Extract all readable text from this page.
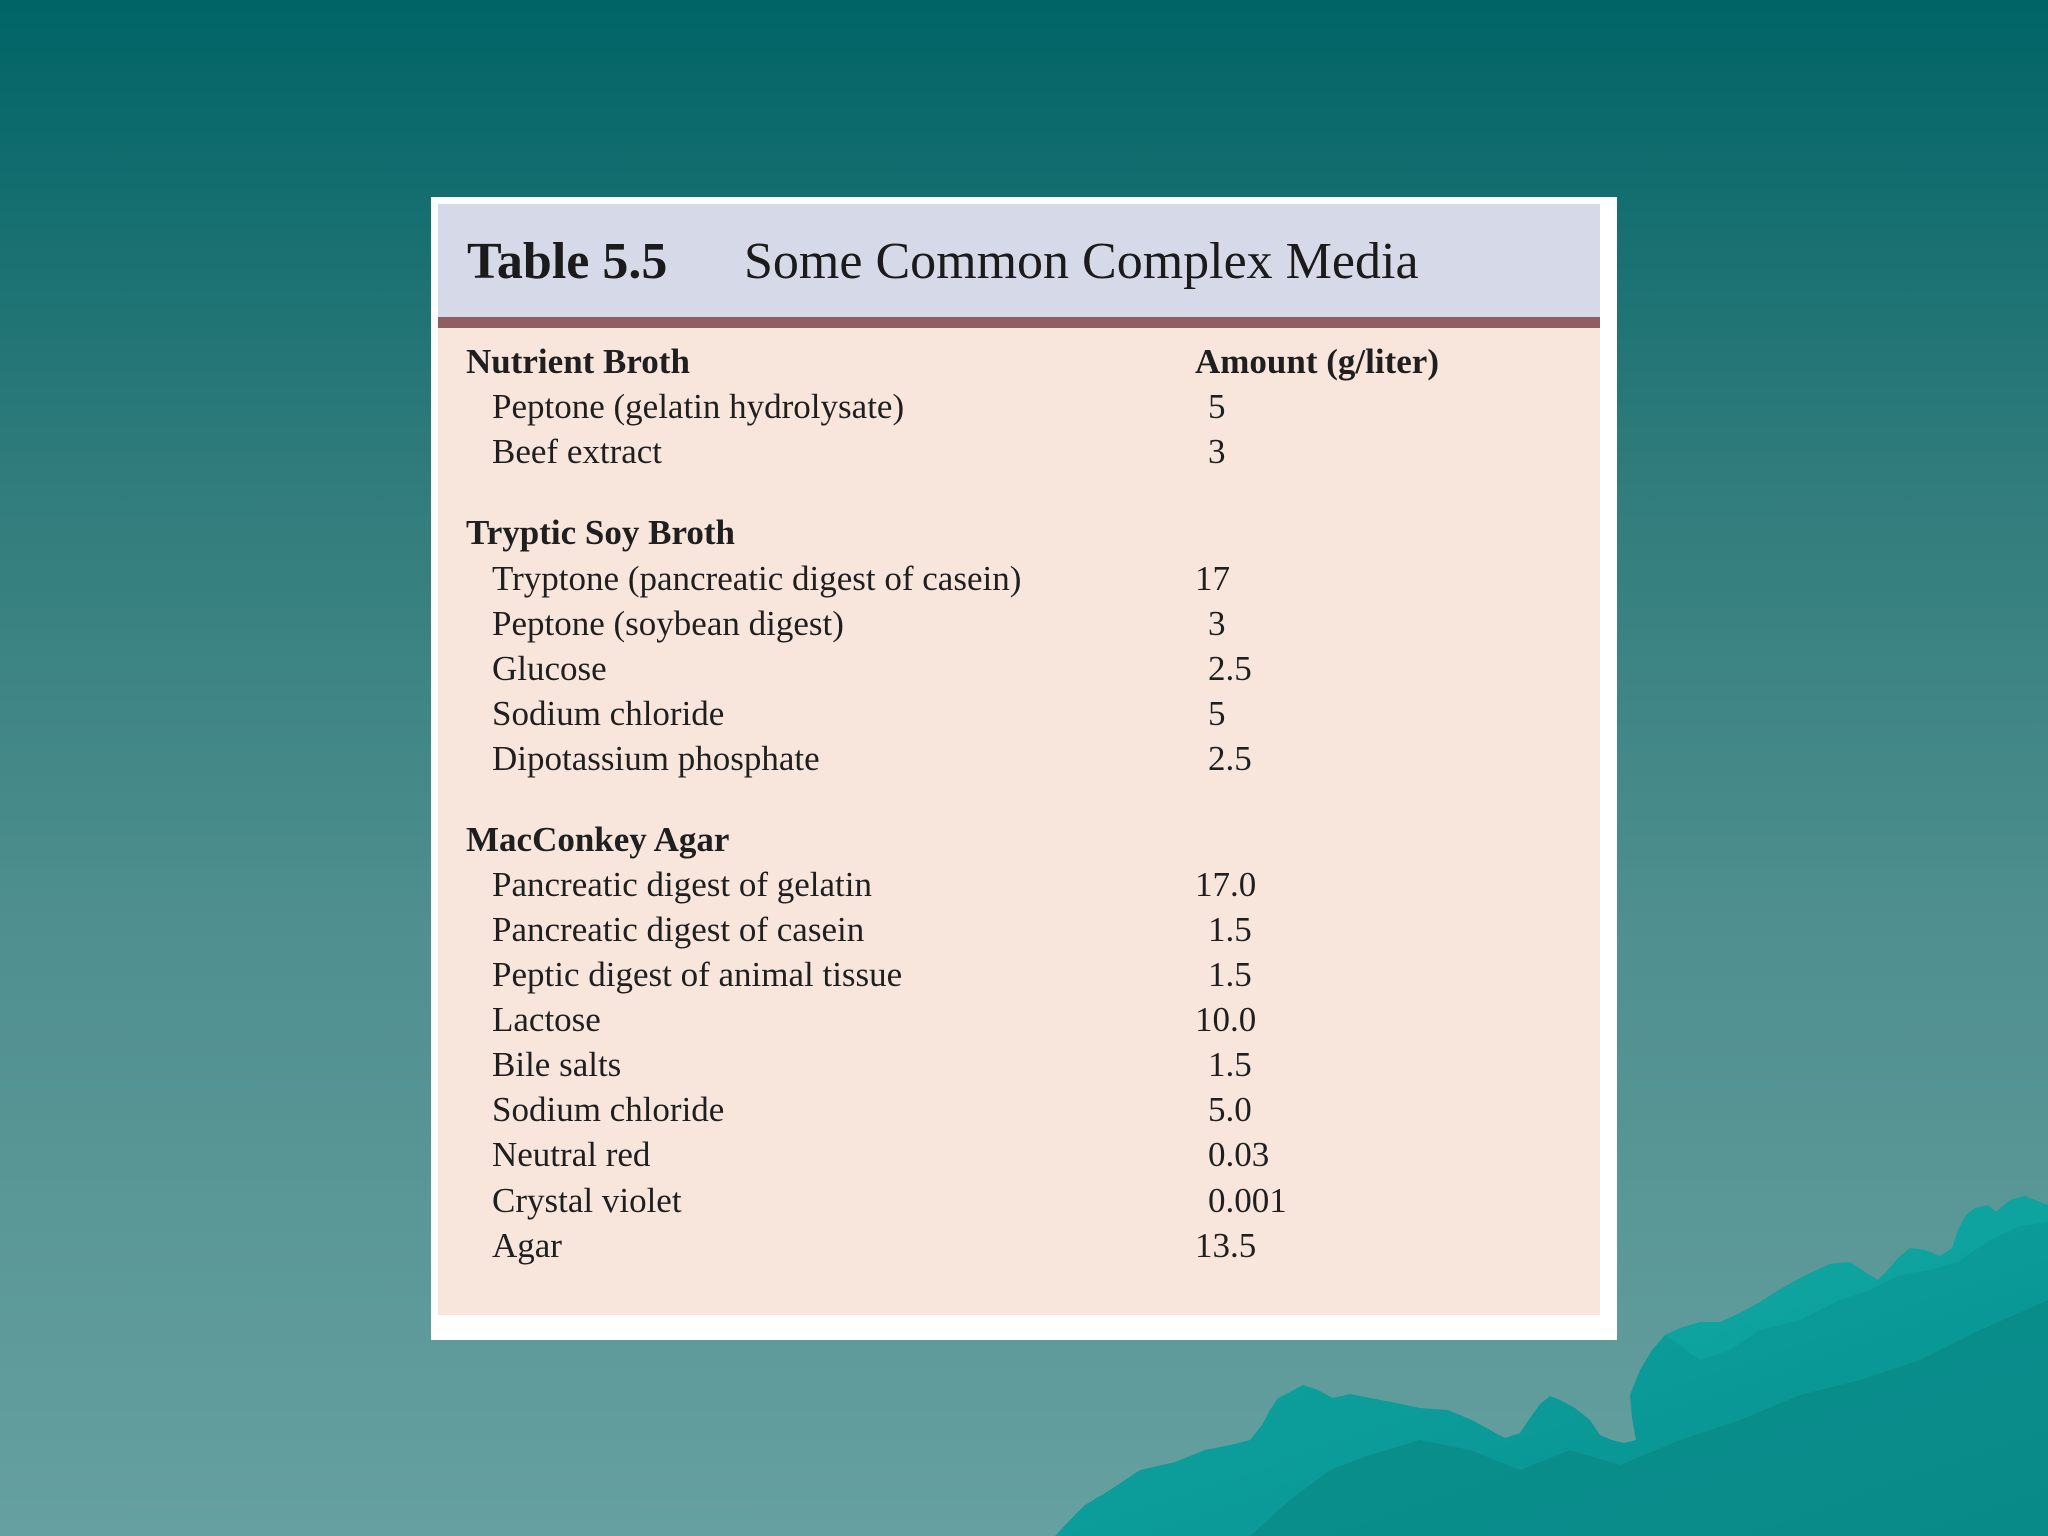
Table 5.5 Some Common Complex Media
Nutrient Broth	Amount (g/liter)
Peptone (gelatin hydrolysate)	5
Beef extract	3
Tryptic Soy Broth
Tryptone (pancreatic digest of casein)	17
Peptone (soybean digest)	3
Glucose	2.5
Sodium chloride	5
Dipotassium phosphate	2.5
MacConkey Agar
Pancreatic digest of gelatin	17.0
Pancreatic digest of casein	1.5
Peptic digest of animal tissue	1.5
Lactose	10.0
Bile salts	1.5
Sodium chloride	5.0
Neutral red	0.03
Crystal violet	0.001
Agar	13.5
